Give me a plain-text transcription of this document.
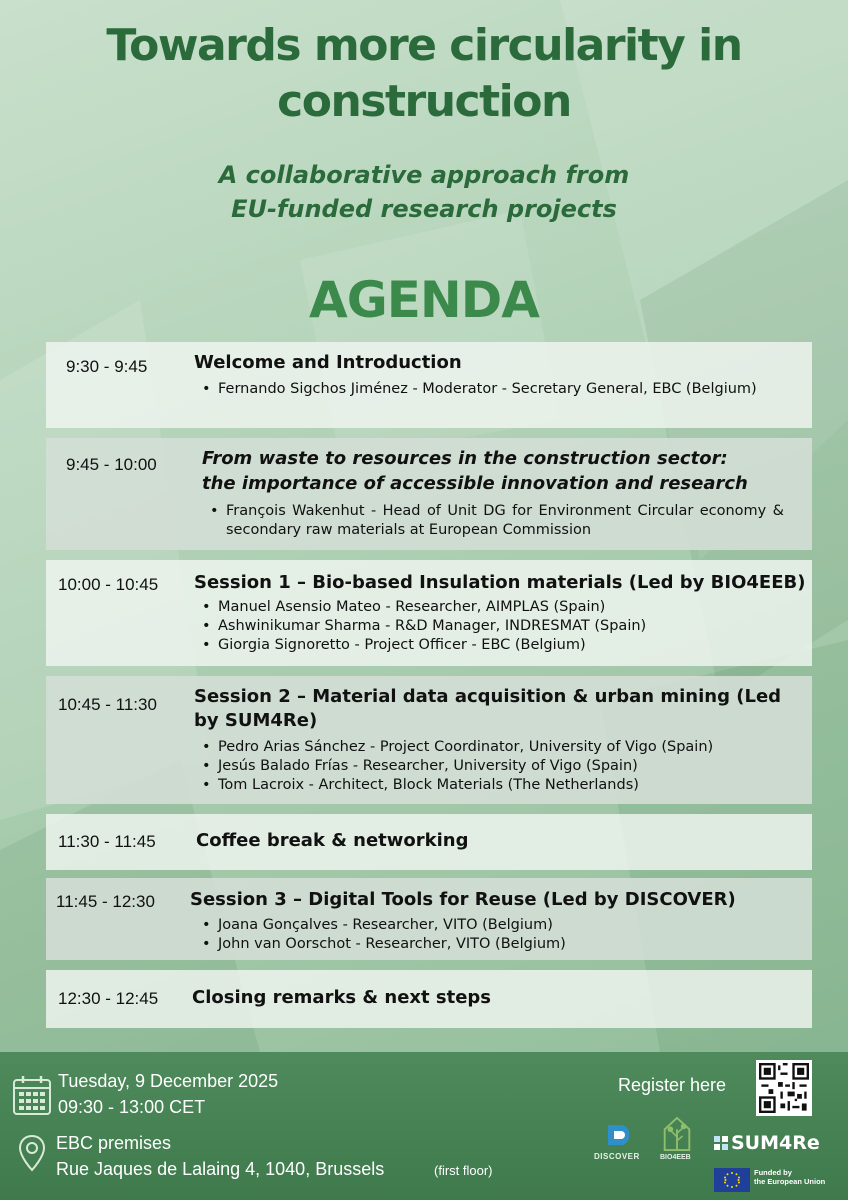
Towards more circularity in
construction
A collaborative approach from
EU-funded research projects
AGENDA
9:30 - 9:45	Welcome and Introduction
• Fernando Sigchos Jiménez - Moderator - Secretary General, EBC (Belgium)
9:45 - 10:00	From waste to resources in the construction sector:
the importance of accessible innovation and research
• François Wakenhut - Head of Unit DG for Environment Circular economy & secondary raw materials at European Commission
10:00 - 10:45 Session 1 – Bio-based Insulation materials (Led by BIO4EEB)
• Manuel Asensio Mateo - Researcher, AIMPLAS (Spain)
• Ashwinikumar Sharma - R&D Manager, INDRESMAT (Spain)
• Giorgia Signoretto - Project Officer - EBC (Belgium)
10:45 - 11:30 Session 2 – Material data acquisition & urban mining (Led by SUM4Re)
• Pedro Arias Sánchez - Project Coordinator, University of Vigo (Spain)
• Jesús Balado Frías - Researcher, University of Vigo (Spain)
• Tom Lacroix - Architect, Block Materials (The Netherlands)
11:30 - 11:45 Coffee break & networking
11:45 - 12:30 Session 3 – Digital Tools for Reuse (Led by DISCOVER)
• Joana Gonçalves - Researcher, VITO (Belgium)
• John van Oorschot - Researcher, VITO (Belgium)
12:30 - 12:45 Closing remarks & next steps
Tuesday, 9 December 2025
09:30 - 13:00 CET
EBC premises
Rue Jaques de Lalaing 4, 1040, Brussels	(first floor)
Register here
DISCOVER	BIO4EEB
SUM4Re
Funded by
the European Union
